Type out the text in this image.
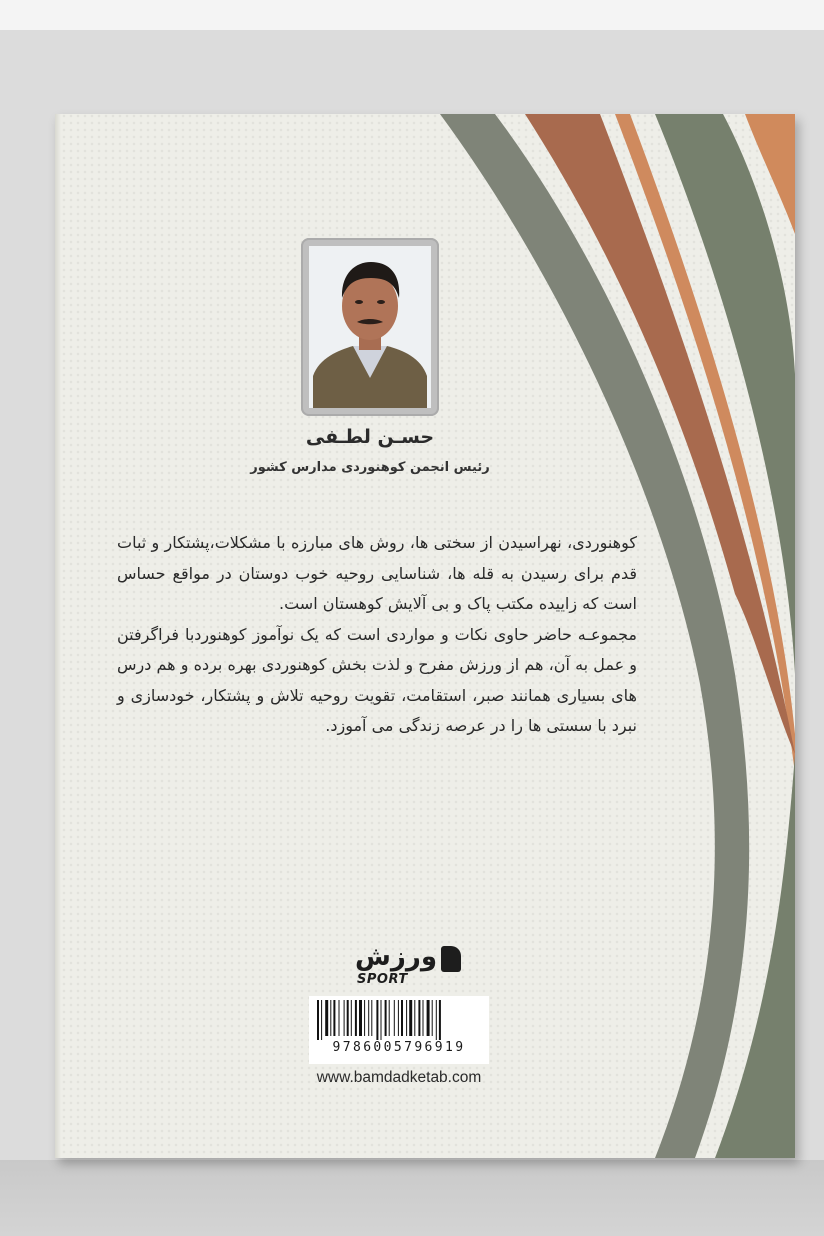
حسـن لطـفی
رئیس انجمن کوهنوردی مدارس کشور

کوهنوردی، نهراسیدن از سختی ها، روش های مبارزه با مشکلات،پشتکار و ثبات قدم برای رسیدن به قله ها، شناسایی روحیه خوب دوستان در مواقع حساس است که زاییده مکتب پاک و بی آلایش کوهستان است.

مجموعـه حاضر حاوی نکات و مواردی است که یک نوآموز کوهنوردبا فراگرفتن و عمل به آن، هم از ورزش مفرح و لذت بخش کوهنوردی بهره برده و هم درس های بسیاری همانند صبر، استقامت، تقویت روحیه تلاش و پشتکار، خودسازی و نبرد با سستی ها را در عرصه زندگی می آموزد.

ورزش
SPORT
9786005796919
www.bamdadketab.com
